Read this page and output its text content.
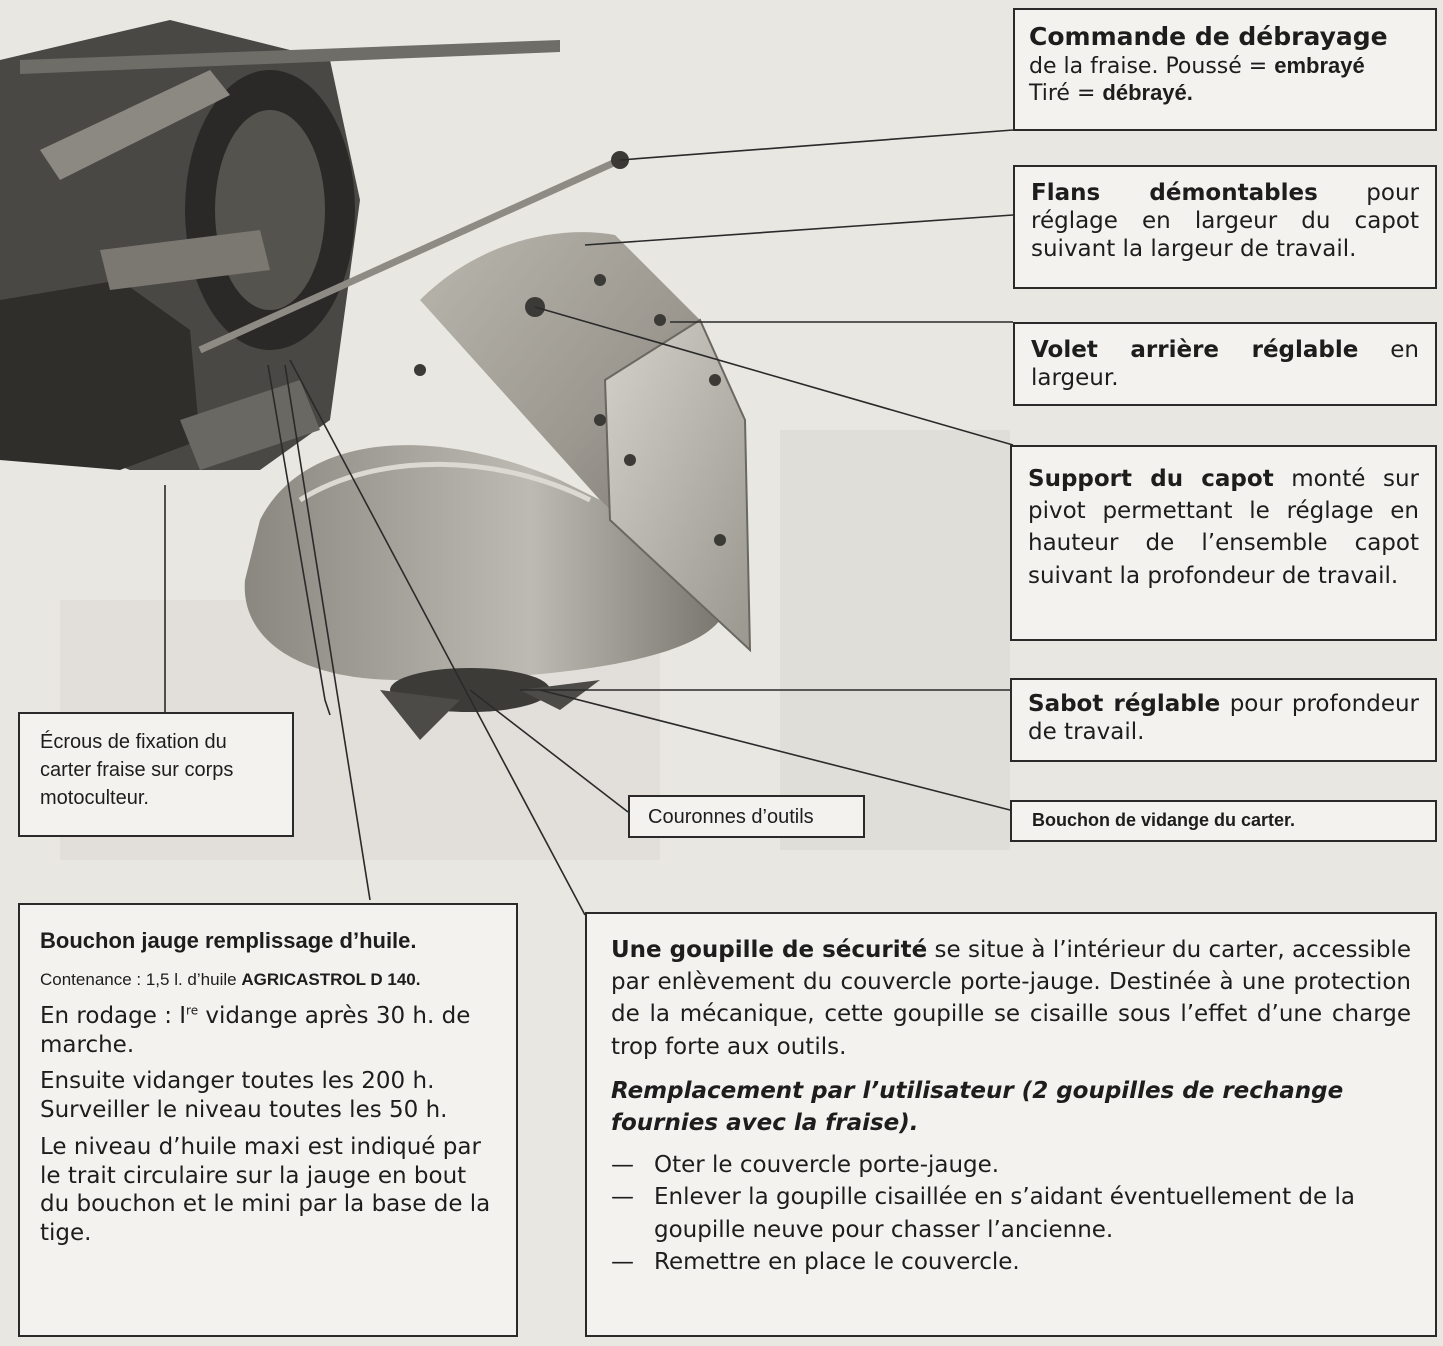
Commande de débrayage
de la fraise. Poussé = embrayé
Tiré = débrayé.
Flans démontables pour réglage en largeur du capot suivant la largeur de travail.
Volet arrière réglable en largeur.
Support du capot monté sur pivot permettant le réglage en hauteur de l’ensemble capot suivant la profondeur de travail.
Sabot réglable pour profondeur de travail.
Bouchon de vidange du carter.
Couronnes d’outils
Écrous de fixation du carter fraise sur corps motoculteur.
Bouchon jauge remplissage d’huile.
Contenance : 1,5 l. d’huile AGRICASTROL D 140.

En rodage : Ire vidange après 30 h. de marche.

Ensuite vidanger toutes les 200 h.

Surveiller le niveau toutes les 50 h.

Le niveau d’huile maxi est indiqué par le trait circulaire sur la jauge en bout du bouchon et le mini par la base de la tige.

Une goupille de sécurité se situe à l’intérieur du carter, accessible par enlèvement du couvercle porte-jauge. Destinée à une protection de la mécanique, cette goupille se cisaille sous l’effet d’une charge trop forte aux outils.

Remplacement par l’utilisateur (2 goupilles de rechange fournies avec la fraise).

— Oter le couvercle porte-jauge.
— Enlever la goupille cisaillée en s’aidant éventuellement de la goupille neuve pour chasser l’ancienne.
— Remettre en place le couvercle.
